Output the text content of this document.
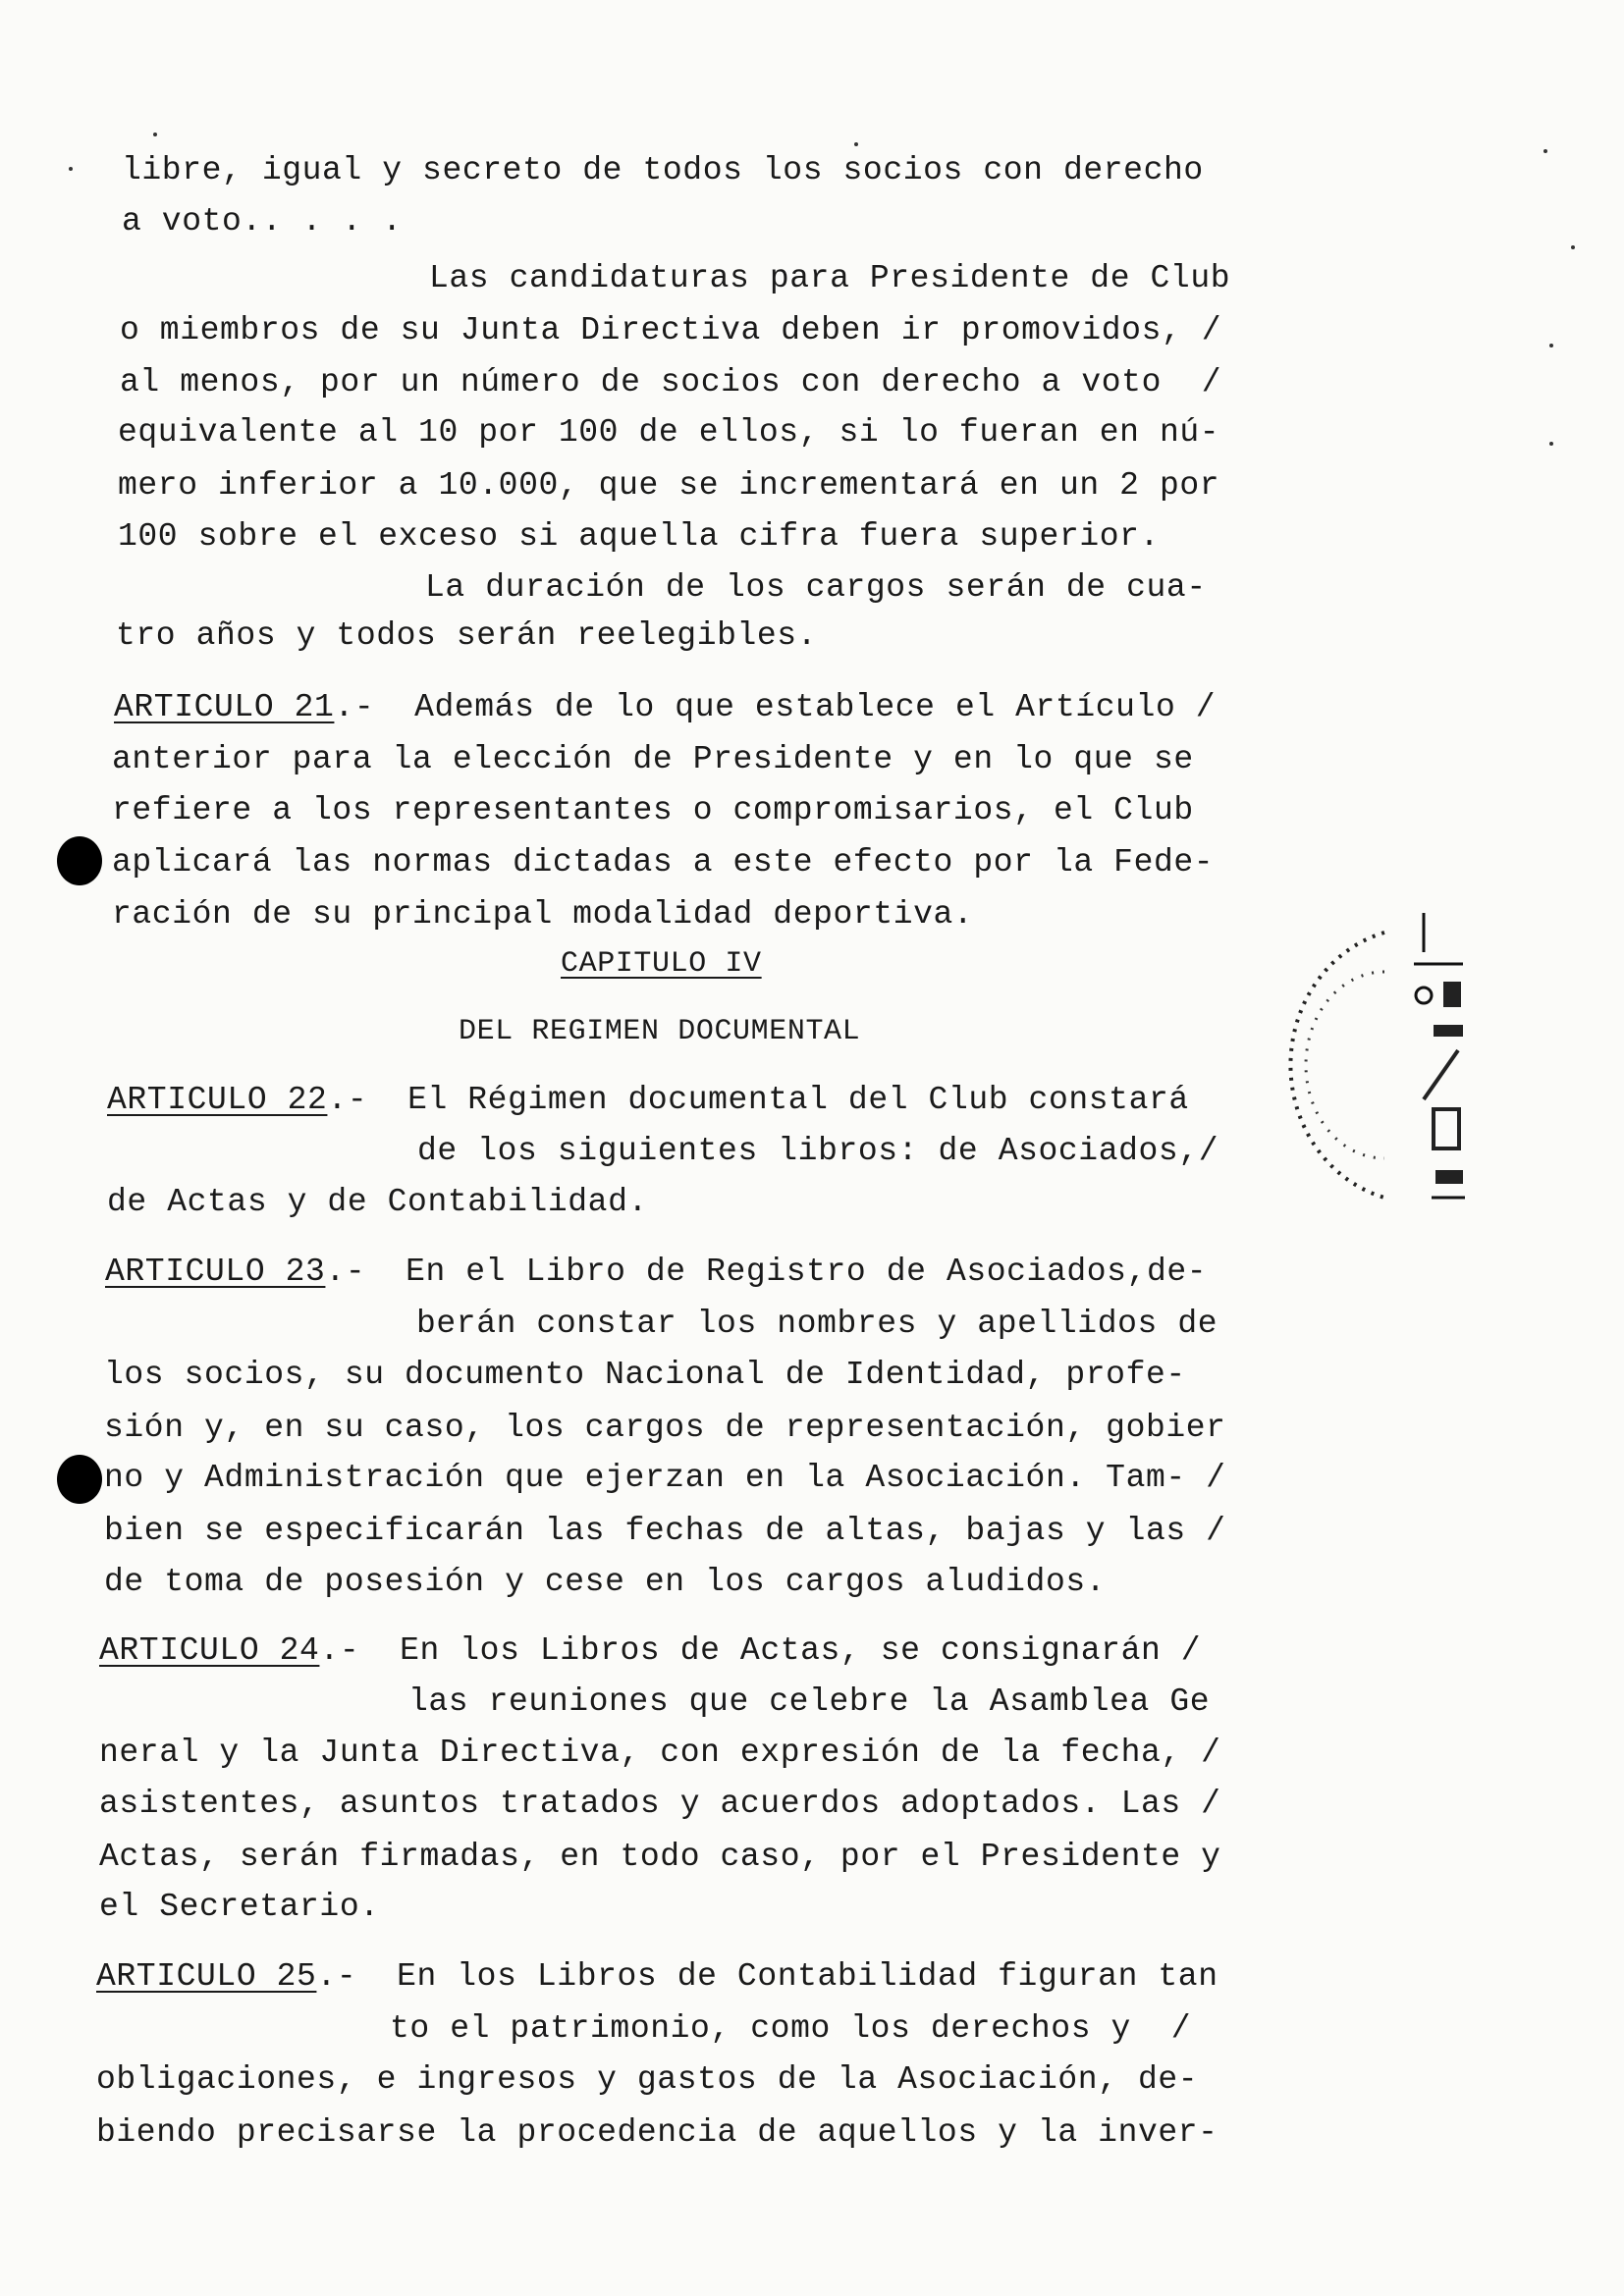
libre, igual y secreto de todos los socios con derecho
a voto.. . . .
Las candidaturas para Presidente de Club
o miembros de su Junta Directiva deben ir promovidos, /
al menos, por un número de socios con derecho a voto  /
equivalente al 10 por 100 de ellos, si lo fueran en nú-
mero inferior a 10.000, que se incrementará en un 2 por
100 sobre el exceso si aquella cifra fuera superior.
La duración de los cargos serán de cua-
tro años y todos serán reelegibles.
ARTICULO 21.- Además de lo que establece el Artículo /
anterior para la elección de Presidente y en lo que se
refiere a los representantes o compromisarios, el Club
aplicará las normas dictadas a este efecto por la Fede-
ración de su principal modalidad deportiva.
CAPITULO IV
DEL REGIMEN DOCUMENTAL
ARTICULO 22.- El Régimen documental del Club constará
de los siguientes libros: de Asociados,/
de Actas y de Contabilidad.
ARTICULO 23.- En el Libro de Registro de Asociados,de-
berán constar los nombres y apellidos de
los socios, su documento Nacional de Identidad, profe-
sión y, en su caso, los cargos de representación, gobier
no y Administración que ejerzan en la Asociación. Tam- /
bien se especificarán las fechas de altas, bajas y las /
de toma de posesión y cese en los cargos aludidos.
ARTICULO 24.- En los Libros de Actas, se consignarán /
las reuniones que celebre la Asamblea Ge
neral y la Junta Directiva, con expresión de la fecha, /
asistentes, asuntos tratados y acuerdos adoptados. Las /
Actas, serán firmadas, en todo caso, por el Presidente y
el Secretario.
ARTICULO 25.- En los Libros de Contabilidad figuran tan
to el patrimonio, como los derechos y  /
obligaciones, e ingresos y gastos de la Asociación, de-
biendo precisarse la procedencia de aquellos y la inver-
